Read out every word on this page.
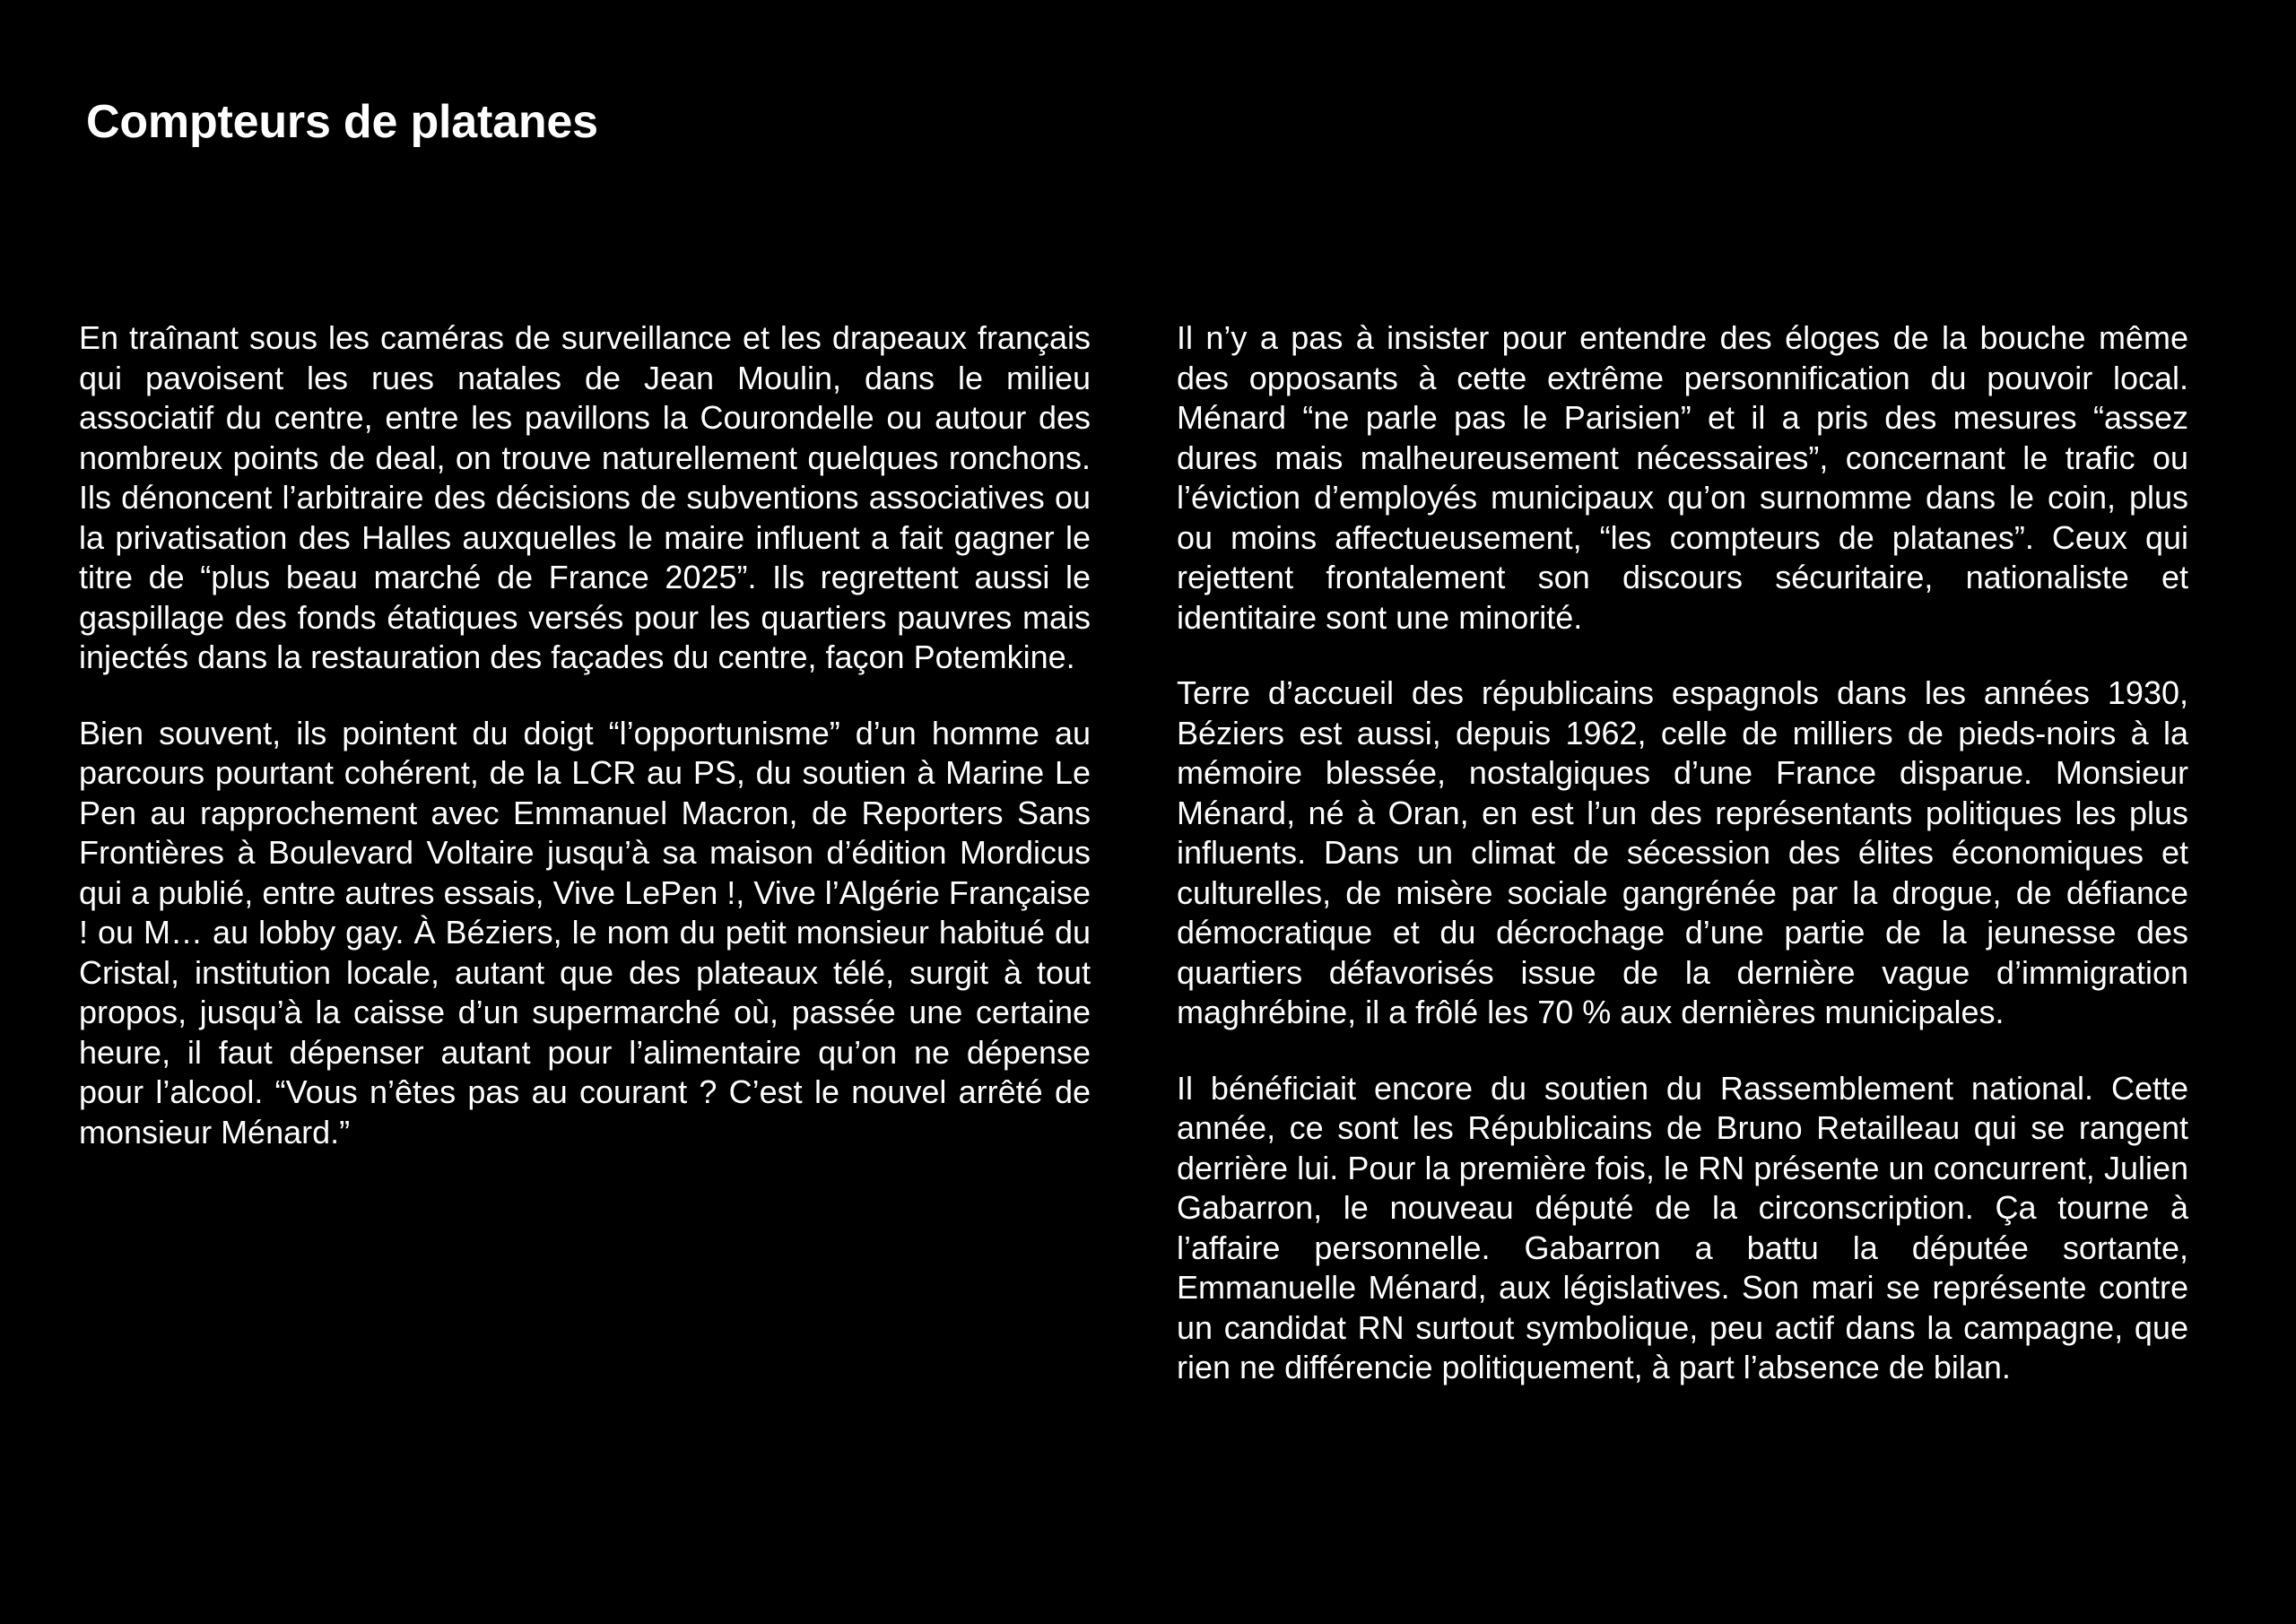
Compteurs de platanes

En traînant sous les caméras de surveillance et les drapeaux français qui pavoisent les rues natales de Jean Moulin, dans le milieu associatif du centre, entre les pavillons la Courondelle ou autour des nombreux points de deal, on trouve naturellement quelques ronchons. Ils dénoncent l’arbitraire des décisions de subventions associatives ou la privatisation des Halles auxquelles le maire influent a fait gagner le titre de “plus beau marché de France 2025”. Ils regrettent aussi le gaspillage des fonds étatiques versés pour les quartiers pauvres mais injectés dans la restauration des façades du centre, façon Potemkine.

Bien souvent, ils pointent du doigt “l’opportunisme” d’un homme au parcours pourtant cohérent, de la LCR au PS, du soutien à Marine Le Pen au rapprochement avec Emmanuel Macron, de Reporters Sans Frontières à Boulevard Voltaire jusqu’à sa maison d’édition Mordicus qui a publié, entre autres essais, Vive LePen !, Vive l’Algérie Française ! ou M… au lobby gay. À Béziers, le nom du petit monsieur habitué du Cristal, institution locale, autant que des plateaux télé, surgit à tout propos, jusqu’à la caisse d’un supermarché où, passée une certaine heure, il faut dépenser autant pour l’alimentaire qu’on ne dépense pour l’alcool. “Vous n’êtes pas au courant ? C’est le nouvel arrêté de monsieur Ménard.”

Il n’y a pas à insister pour entendre des éloges de la bouche même des opposants à cette extrême personnification du pouvoir local. Ménard “ne parle pas le Parisien” et il a pris des mesures “assez dures mais malheureusement nécessaires”, concernant le trafic ou l’éviction d’employés municipaux qu’on surnomme dans le coin, plus ou moins affectueusement, “les compteurs de platanes”. Ceux qui rejettent frontalement son discours sécuritaire, nationaliste et identitaire sont une minorité.

Terre d’accueil des républicains espagnols dans les années 1930, Béziers est aussi, depuis 1962, celle de milliers de pieds-noirs à la mémoire blessée, nostalgiques d’une France disparue. Monsieur Ménard, né à Oran, en est l’un des représentants politiques les plus influents. Dans un climat de sécession des élites économiques et culturelles, de misère sociale gangrénée par la drogue, de défiance démocratique et du décrochage d’une partie de la jeunesse des quartiers défavorisés issue de la dernière vague d’immigration maghrébine, il a frôlé les 70 % aux dernières municipales.

Il bénéficiait encore du soutien du Rassemblement national. Cette année, ce sont les Républicains de Bruno Retailleau qui se rangent derrière lui. Pour la première fois, le RN présente un concurrent, Julien Gabarron, le nouveau député de la circonscription. Ça tourne à l’affaire personnelle. Gabarron a battu la députée sortante, Emmanuelle Ménard, aux législatives. Son mari se représente contre un candidat RN surtout symbolique, peu actif dans la campagne, que rien ne différencie politiquement, à part l’absence de bilan.
